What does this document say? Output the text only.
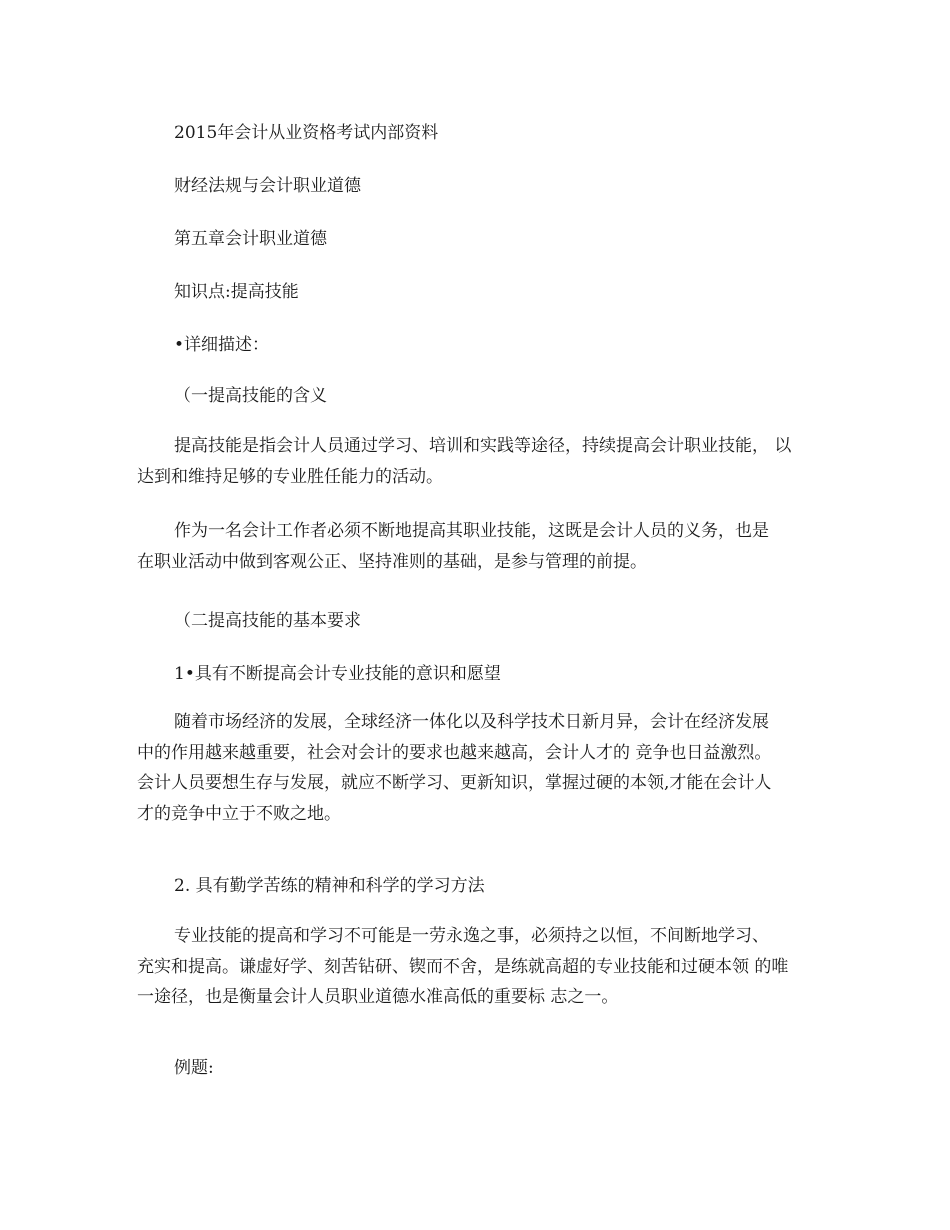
2015年会计从业资格考试内部资料

财经法规与会计职业道德

第五章会计职业道德

知识点:提高技能

•详细描述：

（一提高技能的含义

提高技能是指会计人员通过学习、培训和实践等途径，持续提高会计职业技能， 以
达到和维持足够的专业胜任能力的活动。
作为一名会计工作者必须不断地提高其职业技能，这既是会计人员的义务，也是
在职业活动中做到客观公正、坚持准则的基础，是参与管理的前提。

（二提高技能的基本要求

1•具有不断提高会计专业技能的意识和愿望

随着市场经济的发展，全球经济一体化以及科学技术日新月异，会计在经济发展
中的作用越来越重要，社会对会计的要求也越来越高，会计人才的 竞争也日益激烈。
会计人员要想生存与发展，就应不断学习、更新知识，掌握过硬的本领,才能在会计人
才的竞争中立于不败之地。

2. 具有勤学苦练的精神和科学的学习方法

专业技能的提高和学习不可能是一劳永逸之事，必须持之以恒，不间断地学习、
充实和提高。谦虚好学、刻苦钻研、锲而不舍，是练就高超的专业技能和过硬本领 的唯
一途径，也是衡量会计人员职业道德水准高低的重要标 志之一。

例题:
